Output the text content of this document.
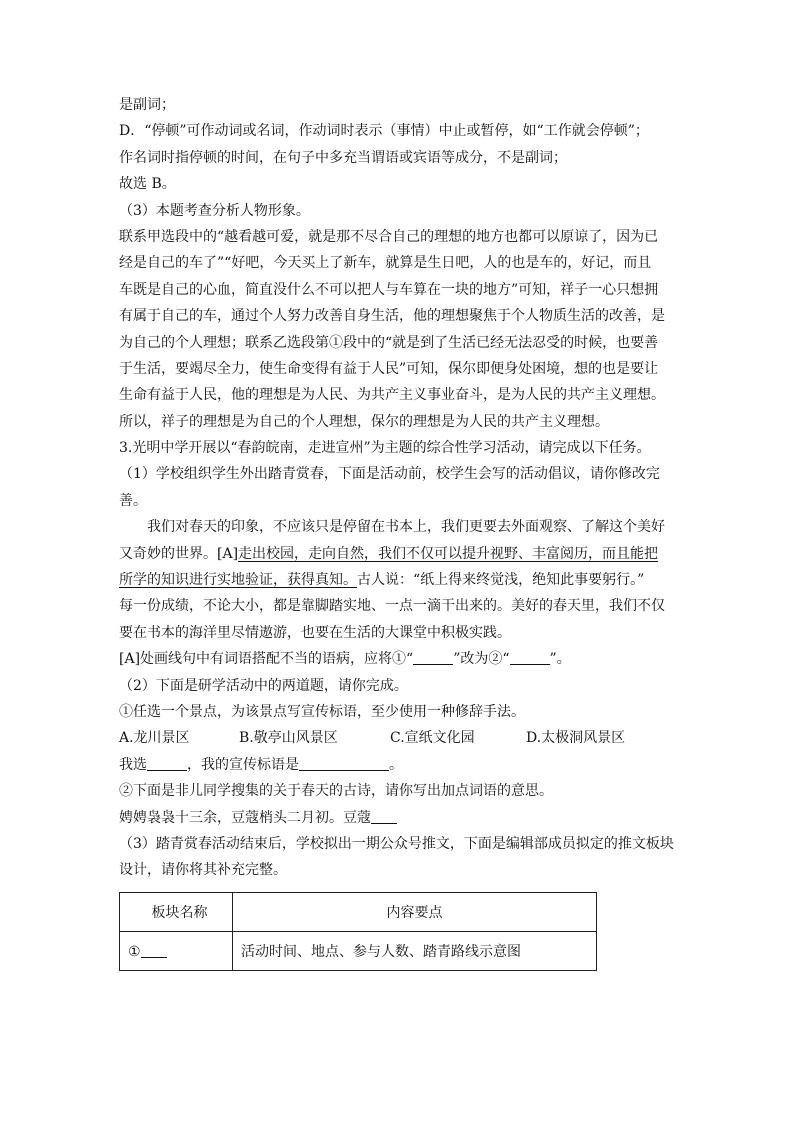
是副词；
D．“停顿”可作动词或名词，作动词时表示（事情）中止或暂停，如“工作就会停顿”；
作名词时指停顿的时间，在句子中多充当谓语或宾语等成分，不是副词；
故选 B。
（3）本题考查分析人物形象。
联系甲选段中的“越看越可爱，就是那不尽合自己的理想的地方也都可以原谅了，因为已
经是自己的车了”“好吧，今天买上了新车，就算是生日吧，人的也是车的，好记，而且
车既是自己的心血，简直没什么不可以把人与车算在一块的地方”可知，祥子一心只想拥
有属于自己的车，通过个人努力改善自身生活，他的理想聚焦于个人物质生活的改善，是
为自己的个人理想；联系乙选段第①段中的“就是到了生活已经无法忍受的时候，也要善
于生活，要竭尽全力，使生命变得有益于人民”可知，保尔即便身处困境，想的也是要让
生命有益于人民，他的理想是为人民、为共产主义事业奋斗，是为人民的共产主义理想。
所以，祥子的理想是为自己的个人理想，保尔的理想是为人民的共产主义理想。
3.光明中学开展以“春韵皖南，走进宣州”为主题的综合性学习活动，请完成以下任务。
（1）学校组织学生外出踏青赏春，下面是活动前，校学生会写的活动倡议，请你修改完
善。
我们对春天的印象，不应该只是停留在书本上，我们更要去外面观察、了解这个美好
又奇妙的世界。[A]走出校园，走向自然，我们不仅可以提升视野、丰富阅历，而且能把
所学的知识进行实地验证，获得真知。古人说：“纸上得来终觉浅，绝知此事要躬行。”
每一份成绩，不论大小，都是靠脚踏实地、一点一滴干出来的。美好的春天里，我们不仅
要在书本的海洋里尽情遨游，也要在生活的大课堂中积极实践。
[A]处画线句中有词语搭配不当的语病，应将①“	”改为②“	”。
（2）下面是研学活动中的两道题，请你完成。
①任选一个景点，为该景点写宣传标语，至少使用一种修辞手法。
A.龙川景区	B.敬亭山风景区	C.宣纸文化园	D.太极洞风景区
我选	，我的宣传标语是	。
②下面是非儿同学搜集的关于春天的古诗，请你写出加点词语的意思。
娉娉袅袅十三余，豆蔻梢头二月初。豆蔻
（3）踏青赏春活动结束后，学校拟出一期公众号推文，下面是编辑部成员拟定的推文板块
设计，请你将其补充完整。
板块名称	内容要点
①	活动时间、地点、参与人数、踏青路线示意图
